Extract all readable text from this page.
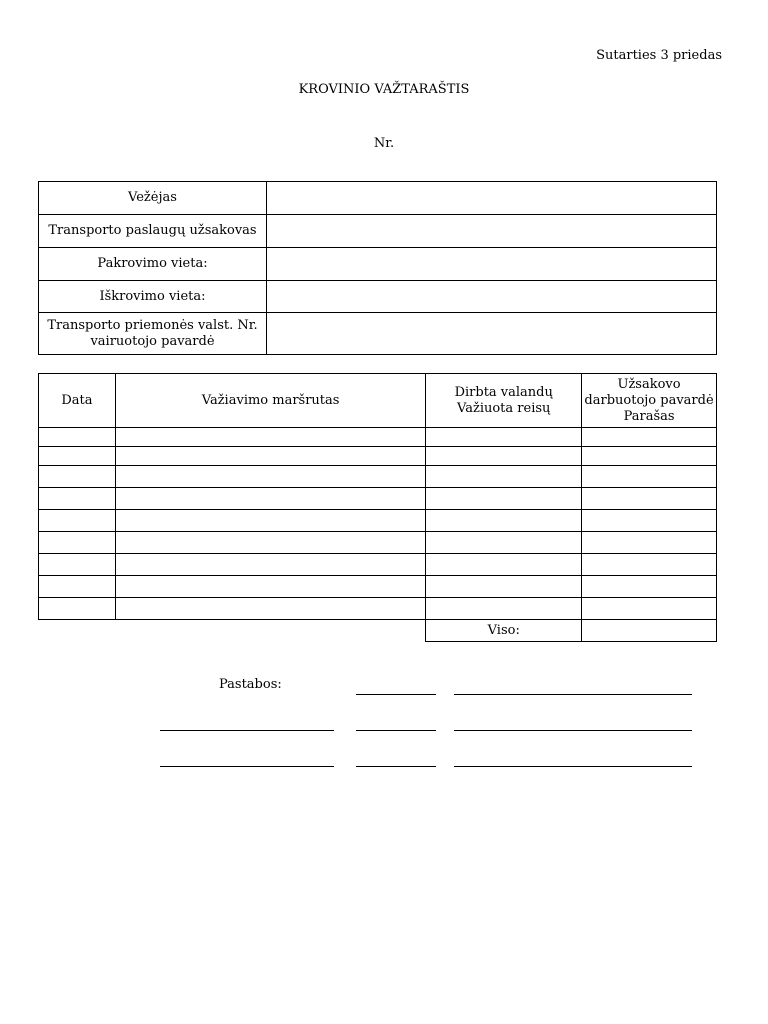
Sutarties 3 priedas
KROVINIO VAŽTARAŠTIS
Nr.
Vežėjas	
Transporto paslaugų užsakovas	
Pakrovimo vieta:	
Iškrovimo vieta:	
Transporto priemonės valst. Nr. vairuotojo pavardė	
Data	Važiavimo maršrutas	Dirbta valandų Važiuota reisų	Užsakovo darbuotojo pavardė Parašas

		Viso:	
Pastabos:
